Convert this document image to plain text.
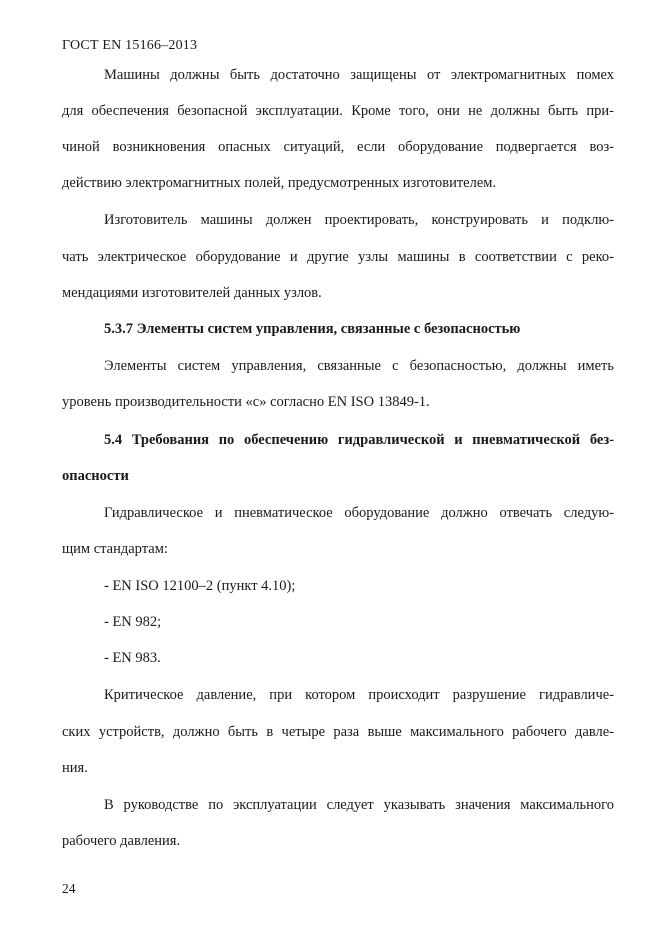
ГОСТ EN 15166–2013
Машины должны быть достаточно защищены от электромагнитных помех
для обеспечения безопасной эксплуатации. Кроме того, они не должны быть при-
чиной возникновения опасных ситуаций, если оборудование подвергается воз-
действию электромагнитных полей, предусмотренных изготовителем.
Изготовитель машины должен проектировать, конструировать и подклю-
чать электрическое оборудование и другие узлы машины в соответствии с реко-
мендациями изготовителей данных узлов.
5.3.7 Элементы систем управления, связанные с безопасностью
Элементы систем управления, связанные с безопасностью, должны иметь
уровень производительности «с» согласно EN ISO 13849-1.
5.4 Требования по обеспечению гидравлической и пневматической без-
опасности
Гидравлическое и пневматическое оборудование должно отвечать следую-
щим стандартам:
- EN ISO 12100–2 (пункт 4.10);
- EN 982;
- EN 983.
Критическое давление, при котором происходит разрушение гидравличе-
ских устройств, должно быть в четыре раза выше максимального рабочего давле-
ния.
В руководстве по эксплуатации следует указывать значения максимального
рабочего давления.
24
